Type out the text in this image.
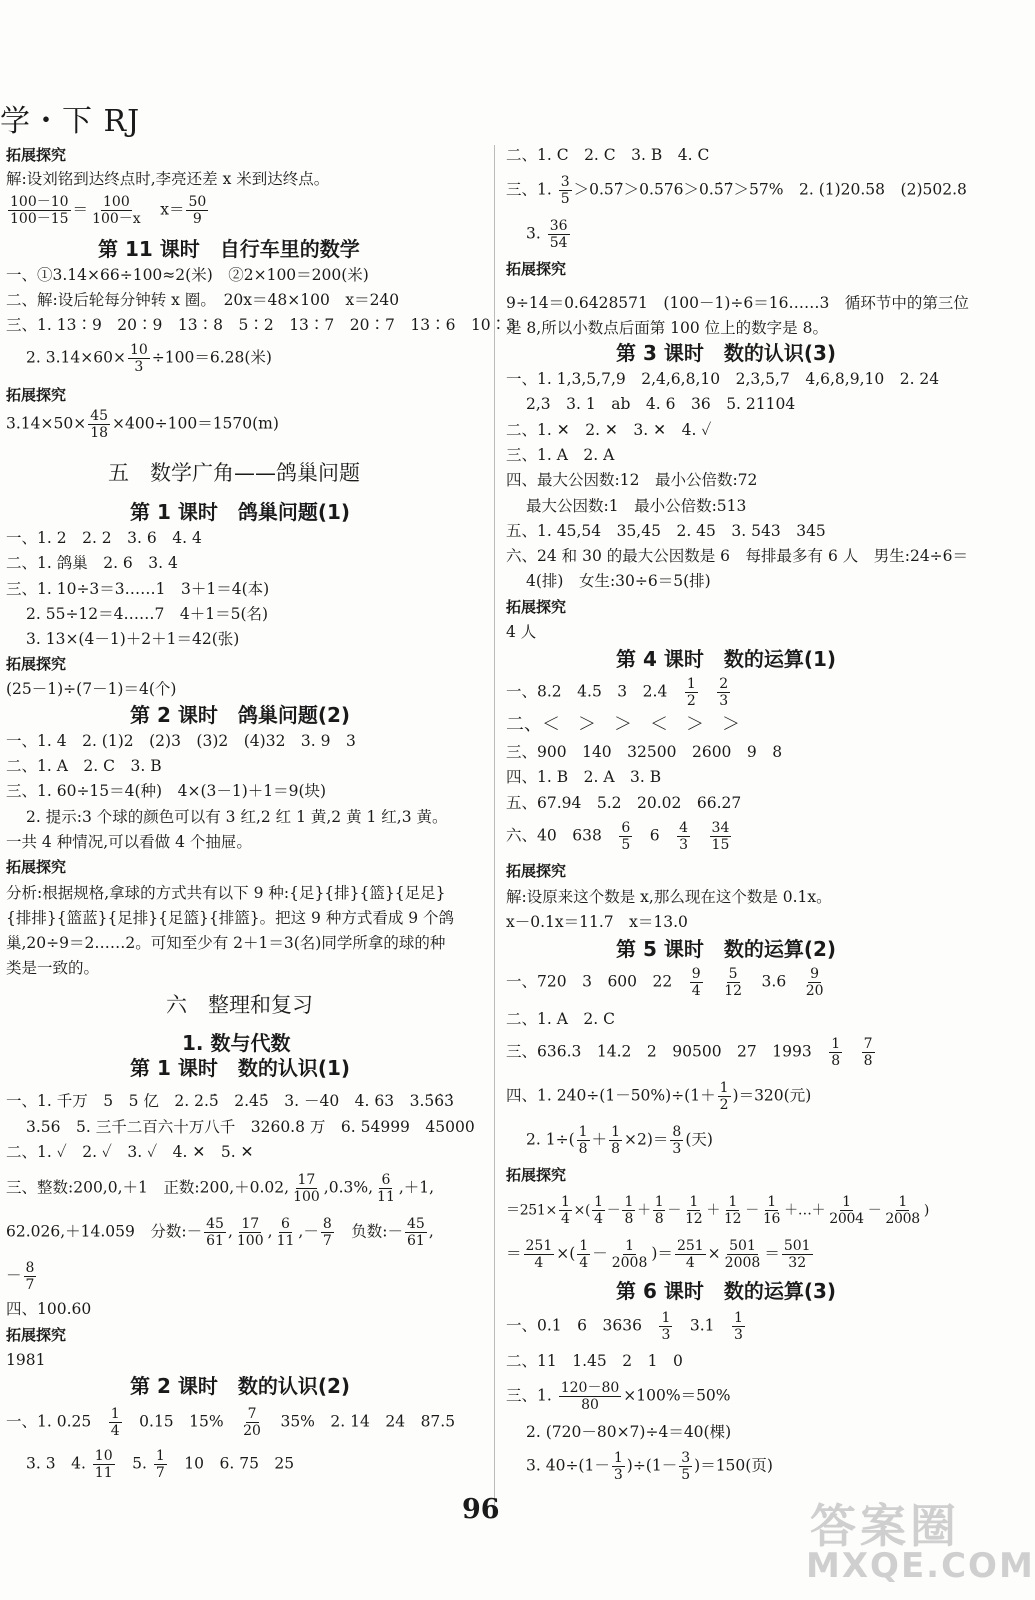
学・下 RJ
拓展探究
解:设刘铭到达终点时,李亮还差 x 米到达终点。
$\frac{100-10}{100-15} = \frac{100}{100-x}$
　 $x= \frac{50}{9}$
第 11 课时　自行车里的数学
一、①3.14×66÷100≈2(米)　②2×100＝200(米)
二、解:设后轮每分钟转 x 圈。　20x＝48×100　x＝240
三、1. 13∶9　20∶9　13∶8　5∶2　13∶7　20∶7　13∶6　10∶3
2. $3.14\times 60\times \frac{10}{3} \div 100=6.28$(米)
拓展探究
$3.14\times 50\times \frac{45}{18} \times 400\div 100=1570(m)$
五　数学广角——鸽巢问题
第 1 课时　鸽巢问题(1)
一、1. 2　2. 2　3. 6　4. 4
二、1. 鸽巢　2. 6　3. 4
三、1. 10÷3＝3……1　3＋1＝4(本)
2. 55÷12＝4……7　4＋1＝5(名)
3. 13×(4－1)＋2＋1＝42(张)
拓展探究
(25－1)÷(7－1)＝4(个)
第 2 课时　鸽巢问题(2)
一、1. 4　2. (1)2　(2)3　(3)2　(4)32　3. 9　3
二、1. A　2. C　3. B
三、1. 60÷15＝4(种)　4×(3－1)＋1＝9(块)
2. 提示:3 个球的颜色可以有 3 红,2 红 1 黄,2 黄 1 红,3 黄。
一共 4 种情况,可以看做 4 个抽屉。
拓展探究
分析:根据规格,拿球的方式共有以下 9 种:{足}{排}{篮}{足足}
{排排}{篮蓝}{足排}{足篮}{排篮}。把这 9 种方式看成 9 个鸽
巢,20÷9＝2……2。可知至少有 2＋1＝3(名)同学所拿的球的种
类是一致的。
六　整理和复习
1. 数与代数
第 1 课时　数的认识(1)
一、1. 千万　5　5 亿　2. 2.5̇　2.4̇5̇　3. －40　4. 63　3.5̇6̇3̇
3.56　5. 三千二百六十万八千　3260.8 万　6. 54999　45000
二、1. ✓　2. ✓　3. ✓　4. ✕　5. ✕
三、整数:200,0,＋1　正数:200,＋0.02, $\frac{17}{100} ,0.3\%$, $\frac{6}{11} ,+1$,
62.026,＋14.059　分数:－ $\frac{45}{61}$ , $\frac{17}{100}$ , $\frac{6}{11}$ ,－ $\frac{8}{7}$ 　负数:－ $\frac{45}{61}$ ,
－ $\frac{8}{7}$
四、100.60
拓展探究
1981
第 2 课时　数的认识(2)
一、1. 0.25　 $\frac{1}{4}$ 　0.15　15%　 $\frac{7}{20}$ 　35%　2. 14　24　87.5
3. 3　4. $\frac{10}{11}$ 　5. $\frac{1}{7}$ 　10　6. 75　25
二、1. C　2. C　3. B　4. C
三、1. $\frac{3}{5}$ ＞0.57̇＞0.576＞0.5̇7̇＞57%　2. (1)20.58　(2)502.8
3. $\frac{36}{54}$
拓展探究
9÷14＝0.6428571　(100－1)÷6＝16……3　循环节中的第三位
是 8,所以小数点后面第 100 位上的数字是 8。
第 3 课时　数的认识(3)
一、1. 1,3,5,7,9　2,4,6,8,10　2,3,5,7　4,6,8,9,10　2. 24
2,3　3. 1　ab　4. 6　36　5. 21104
二、1. ✕　2. ✕　3. ✕　4. ✓
三、1. A　2. A
四、最大公因数:12　最小公倍数:72
最大公因数:1　最小公倍数:513
五、1. 45,54　35,45　2. 45　3. 543　345
六、24 和 30 的最大公因数是 6　每排最多有 6 人　男生:24÷6＝
4(排)　女生:30÷6＝5(排)
拓展探究
4 人
第 4 课时　数的运算(1)
一、8.2　4.5　3　2.4　 $\frac{1}{2}$
　 $\frac{2}{3}$
二、＜　＞　＞　＜　＞　＞
三、900　140　32500　2600　9　8
四、1. B　2. A　3. B
五、67.94　5.2　20.02　66.27
六、40　638　 $\frac{6}{5}$ 　6　 $\frac{4}{3}$
　 $\frac{34}{15}$
拓展探究
解:设原来这个数是 x,那么现在这个数是 0.1x。
x－0.1x＝11.7　x＝13.0
第 5 课时　数的运算(2)
一、720　3　600　22　 $\frac{9}{4}$
　 $\frac{5}{12}$ 　3.6　 $\frac{9}{20}$
二、1. A　2. C
三、636.3　14.2　2　90500　27　1993　 $\frac{1}{8}$
　 $\frac{7}{8}$
四、1. $240\div(1-50\%)\div(1+ \frac{1}{2} )=320$(元)
2. $1\div( \frac{1}{8} + \frac{1}{8} \times 2)= \frac{8}{3}$ (天)
拓展探究
$=251\times \frac{1}{4}$ ×( $\frac{1}{4} - \frac{1}{8} + \frac{1}{8} - \frac{1}{12} + \frac{1}{12} - \frac{1}{16}$ ＋…＋ $\frac{1}{2004} - \frac{1}{2008}$ )
＝ $\frac{251}{4}$ ×( $\frac{1}{4} - \frac{1}{2008}$ )＝ $\frac{251}{4} \times \frac{501}{2008} = \frac{501}{32}$
第 6 课时　数的运算(3)
一、0.1　6　3636　 $\frac{1}{3}$ 　3.1　 $\frac{1}{3}$
二、11　1.45　2　1　0
三、1. $\frac{120-80}{80} \times 100\%=50\%$
2. (720－80×7)÷4＝40(棵)
3. $40\div(1- \frac{1}{3} )\div(1- \frac{3}{5} )=150$(页)
96	答案圈
MXQE.COM
